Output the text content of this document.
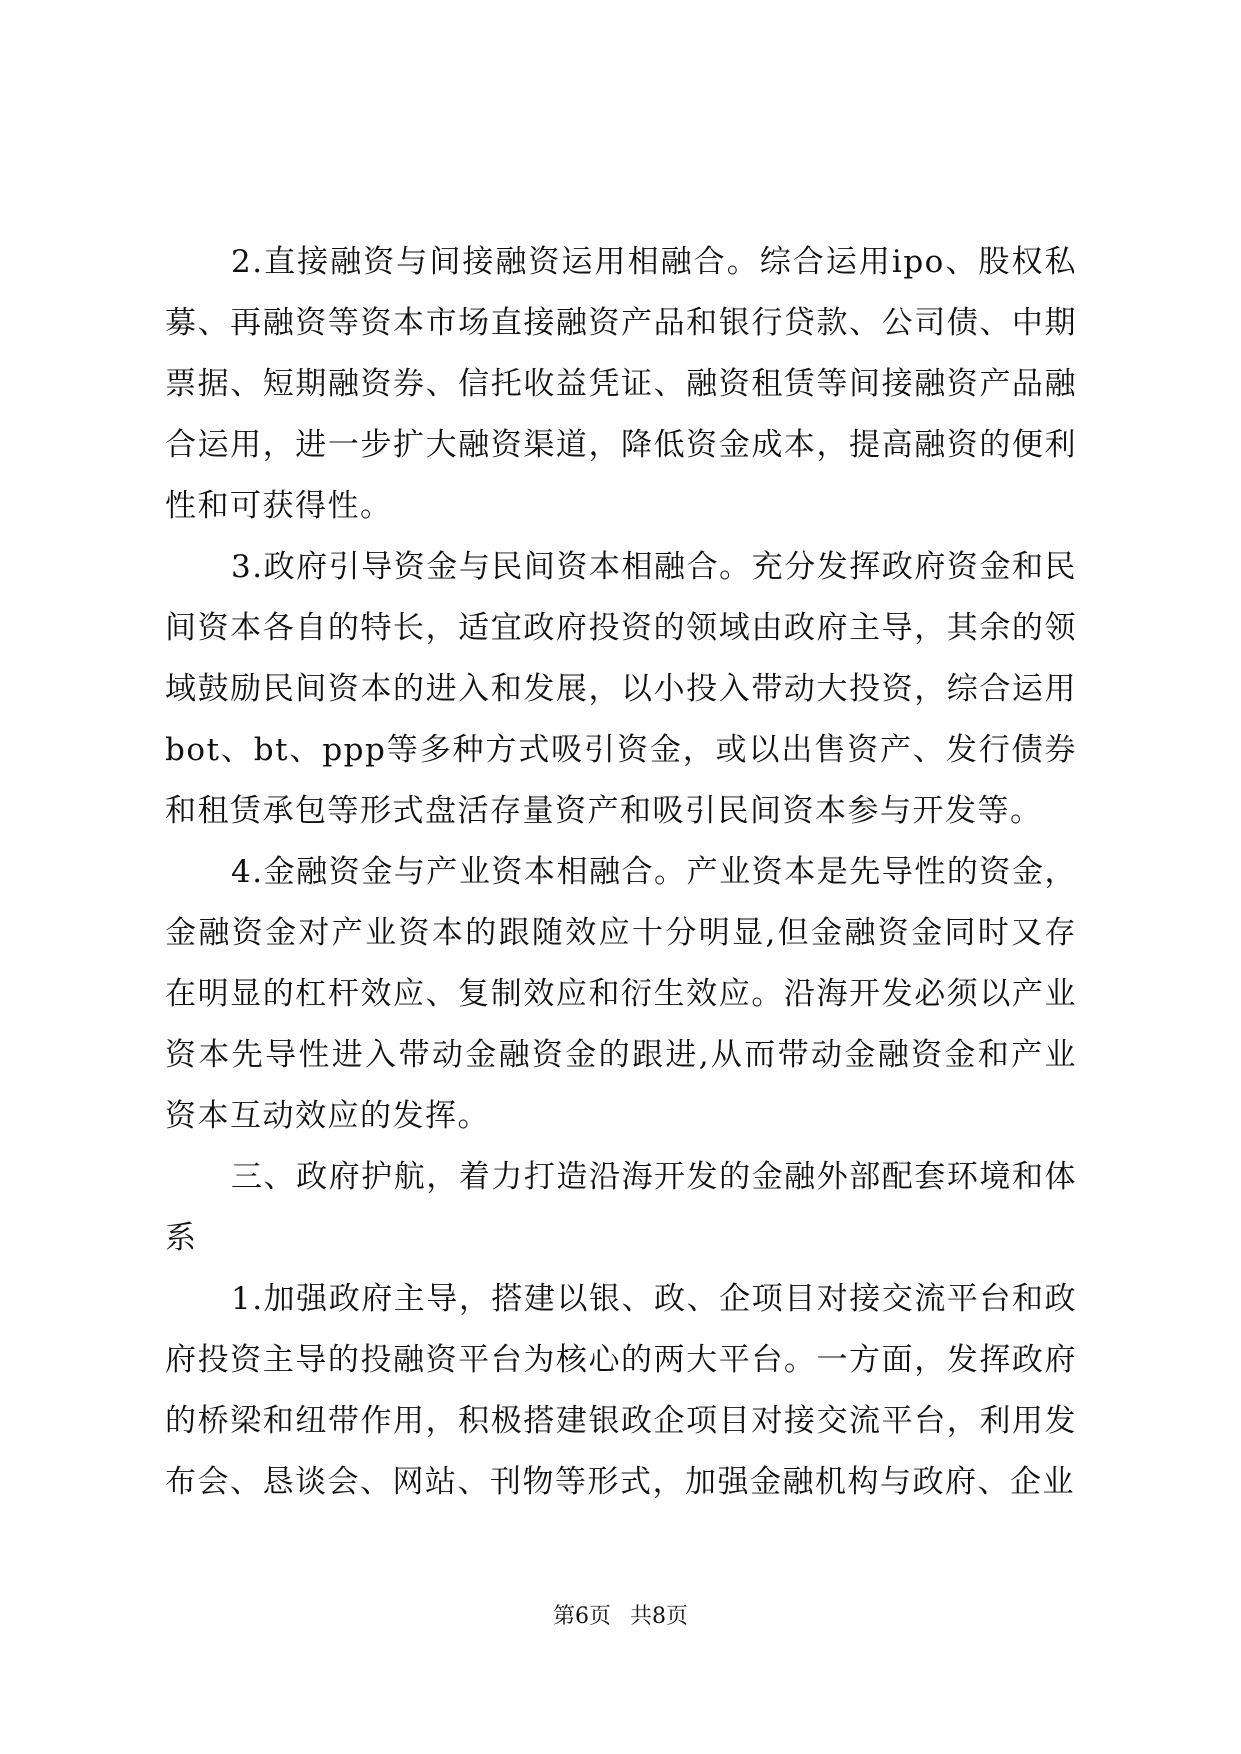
2.直接融资与间接融资运用相融合。综合运用ipo、股权私募、再融资等资本市场直接融资产品和银行贷款、公司债、中期票据、短期融资券、信托收益凭证、融资租赁等间接融资产品融合运用，进一步扩大融资渠道，降低资金成本，提高融资的便利性和可获得性。

3.政府引导资金与民间资本相融合。充分发挥政府资金和民间资本各自的特长，适宜政府投资的领域由政府主导，其余的领域鼓励民间资本的进入和发展，以小投入带动大投资，综合运用bot、bt、ppp等多种方式吸引资金，或以出售资产、发行债券和租赁承包等形式盘活存量资产和吸引民间资本参与开发等。

4.金融资金与产业资本相融合。产业资本是先导性的资金，金融资金对产业资本的跟随效应十分明显,但金融资金同时又存在明显的杠杆效应、复制效应和衍生效应。沿海开发必须以产业资本先导性进入带动金融资金的跟进,从而带动金融资金和产业资本互动效应的发挥。

三、政府护航，着力打造沿海开发的金融外部配套环境和体系

1.加强政府主导，搭建以银、政、企项目对接交流平台和政府投资主导的投融资平台为核心的两大平台。一方面，发挥政府的桥梁和纽带作用，积极搭建银政企项目对接交流平台，利用发布会、恳谈会、网站、刊物等形式，加强金融机构与政府、企业

第6页 共8页
